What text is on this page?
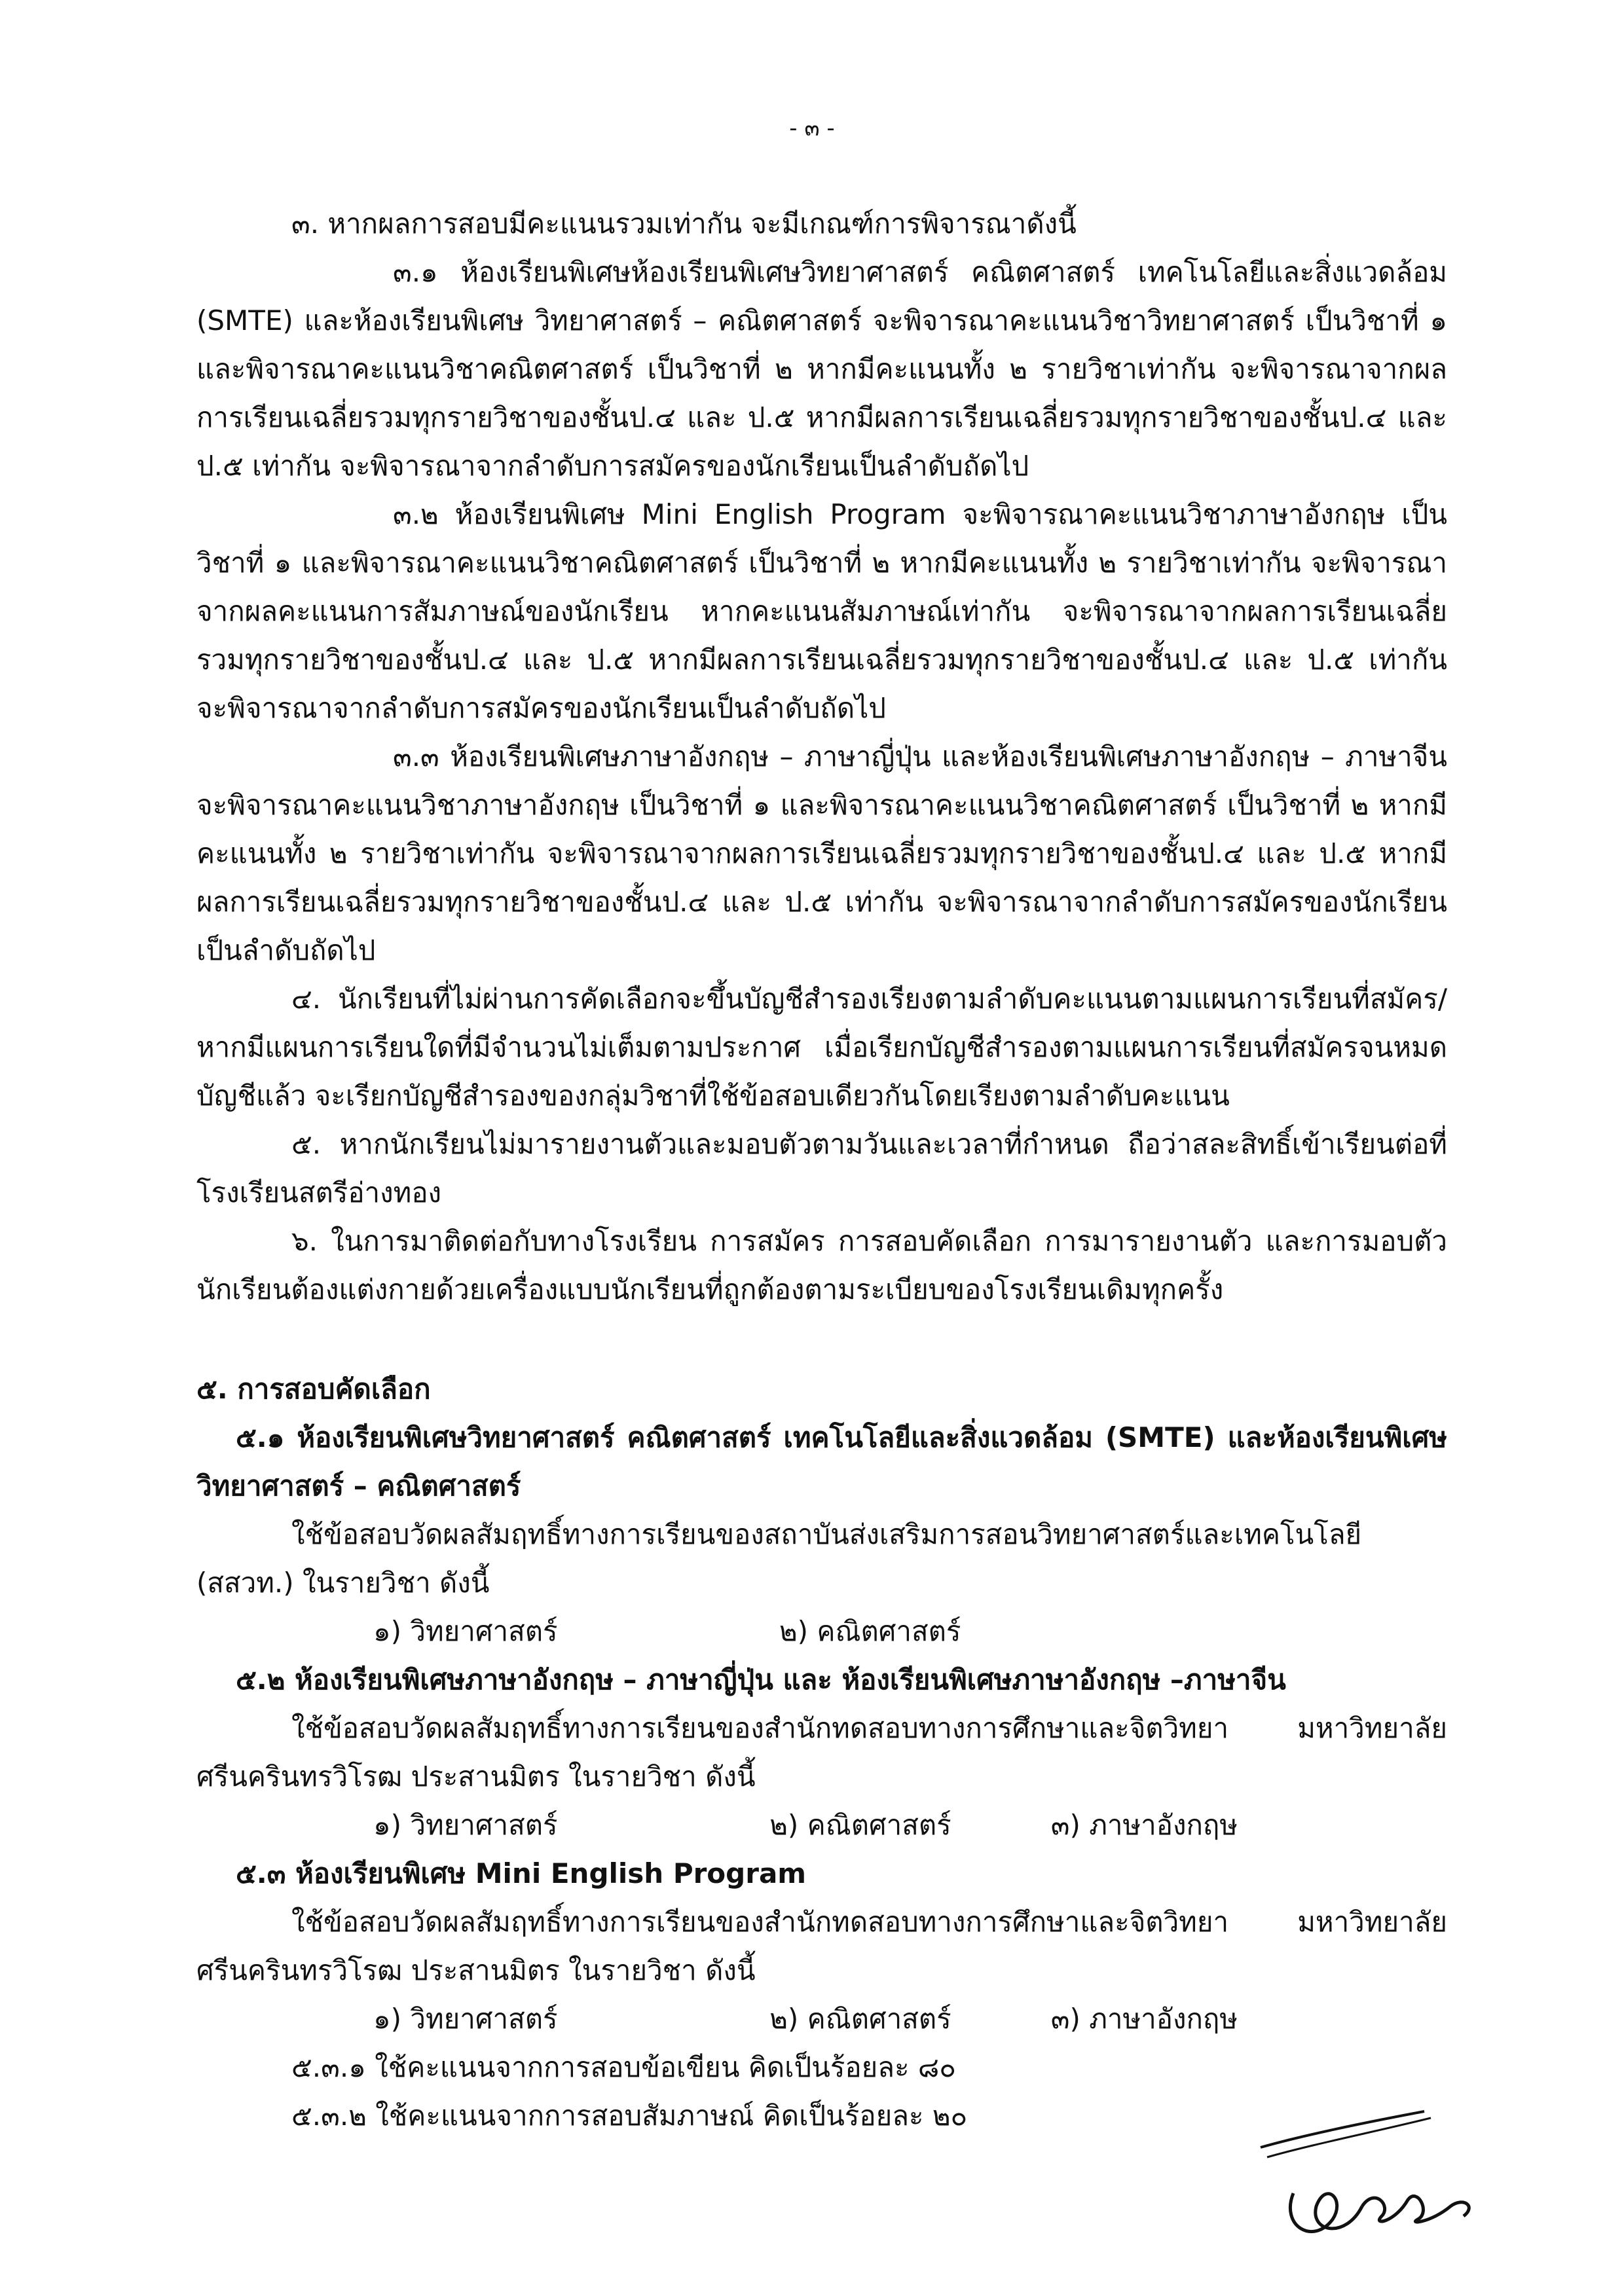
- ๓ -

๓. หากผลการสอบมีคะแนนรวมเท่ากัน จะมีเกณฑ์การพิจารณาดังนี้

๓.๑ ห้องเรียนพิเศษห้องเรียนพิเศษวิทยาศาสตร์ คณิตศาสตร์ เทคโนโลยีและสิ่งแวดล้อม (SMTE) และห้องเรียนพิเศษ วิทยาศาสตร์ – คณิตศาสตร์ จะพิจารณาคะแนนวิชาวิทยาศาสตร์ เป็นวิชาที่ ๑ และพิจารณาคะแนนวิชาคณิตศาสตร์ เป็นวิชาที่ ๒ หากมีคะแนนทั้ง ๒ รายวิชาเท่ากัน จะพิจารณาจากผลการเรียนเฉลี่ยรวมทุกรายวิชาของชั้นป.๔ และ ป.๕ หากมีผลการเรียนเฉลี่ยรวมทุกรายวิชาของชั้นป.๔ และ ป.๕ เท่ากัน จะพิจารณาจากลำดับการสมัครของนักเรียนเป็นลำดับถัดไป

๓.๒ ห้องเรียนพิเศษ Mini English Program จะพิจารณาคะแนนวิชาภาษาอังกฤษ เป็นวิชาที่ ๑ และพิจารณาคะแนนวิชาคณิตศาสตร์ เป็นวิชาที่ ๒ หากมีคะแนนทั้ง ๒ รายวิชาเท่ากัน จะพิจารณาจากผลคะแนนการสัมภาษณ์ของนักเรียน หากคะแนนสัมภาษณ์เท่ากัน จะพิจารณาจากผลการเรียนเฉลี่ยรวมทุกรายวิชาของชั้นป.๔ และ ป.๕ หากมีผลการเรียนเฉลี่ยรวมทุกรายวิชาของชั้นป.๔ และ ป.๕ เท่ากัน จะพิจารณาจากลำดับการสมัครของนักเรียนเป็นลำดับถัดไป

๓.๓ ห้องเรียนพิเศษภาษาอังกฤษ – ภาษาญี่ปุ่น และห้องเรียนพิเศษภาษาอังกฤษ – ภาษาจีน จะพิจารณาคะแนนวิชาภาษาอังกฤษ เป็นวิชาที่ ๑ และพิจารณาคะแนนวิชาคณิตศาสตร์ เป็นวิชาที่ ๒ หากมีคะแนนทั้ง ๒ รายวิชาเท่ากัน จะพิจารณาจากผลการเรียนเฉลี่ยรวมทุกรายวิชาของชั้นป.๔ และ ป.๕ หากมีผลการเรียนเฉลี่ยรวมทุกรายวิชาของชั้นป.๔ และ ป.๕ เท่ากัน จะพิจารณาจากลำดับการสมัครของนักเรียนเป็นลำดับถัดไป

๔. นักเรียนที่ไม่ผ่านการคัดเลือกจะขึ้นบัญชีสำรองเรียงตามลำดับคะแนนตามแผนการเรียนที่สมัคร/หากมีแผนการเรียนใดที่มีจำนวนไม่เต็มตามประกาศ เมื่อเรียกบัญชีสำรองตามแผนการเรียนที่สมัครจนหมดบัญชีแล้ว จะเรียกบัญชีสำรองของกลุ่มวิชาที่ใช้ข้อสอบเดียวกันโดยเรียงตามลำดับคะแนน

๕. หากนักเรียนไม่มารายงานตัวและมอบตัวตามวันและเวลาที่กำหนด ถือว่าสละสิทธิ์เข้าเรียนต่อที่โรงเรียนสตรีอ่างทอง

๖. ในการมาติดต่อกับทางโรงเรียน การสมัคร การสอบคัดเลือก การมารายงานตัว และการมอบตัว นักเรียนต้องแต่งกายด้วยเครื่องแบบนักเรียนที่ถูกต้องตามระเบียบของโรงเรียนเดิมทุกครั้ง

๕. การสอบคัดเลือก

๕.๑ ห้องเรียนพิเศษวิทยาศาสตร์ คณิตศาสตร์ เทคโนโลยีและสิ่งแวดล้อม (SMTE) และห้องเรียนพิเศษวิทยาศาสตร์ – คณิตศาสตร์

ใช้ข้อสอบวัดผลสัมฤทธิ์ทางการเรียนของสถาบันส่งเสริมการสอนวิทยาศาสตร์และเทคโนโลยี (สสวท.) ในรายวิชา ดังนี้

๑) วิทยาศาสตร์	๒) คณิตศาสตร์

๕.๒ ห้องเรียนพิเศษภาษาอังกฤษ – ภาษาญี่ปุ่น และ ห้องเรียนพิเศษภาษาอังกฤษ –ภาษาจีน

ใช้ข้อสอบวัดผลสัมฤทธิ์ทางการเรียนของสำนักทดสอบทางการศึกษาและจิตวิทยา มหาวิทยาลัยศรีนครินทรวิโรฒ ประสานมิตร ในรายวิชา ดังนี้

๑) วิทยาศาสตร์	๒) คณิตศาสตร์	๓) ภาษาอังกฤษ

๕.๓ ห้องเรียนพิเศษ Mini English Program

ใช้ข้อสอบวัดผลสัมฤทธิ์ทางการเรียนของสำนักทดสอบทางการศึกษาและจิตวิทยา มหาวิทยาลัยศรีนครินทรวิโรฒ ประสานมิตร ในรายวิชา ดังนี้

๑) วิทยาศาสตร์	๒) คณิตศาสตร์	๓) ภาษาอังกฤษ

๕.๓.๑ ใช้คะแนนจากการสอบข้อเขียน คิดเป็นร้อยละ ๘๐

๕.๓.๒ ใช้คะแนนจากการสอบสัมภาษณ์ คิดเป็นร้อยละ ๒๐
